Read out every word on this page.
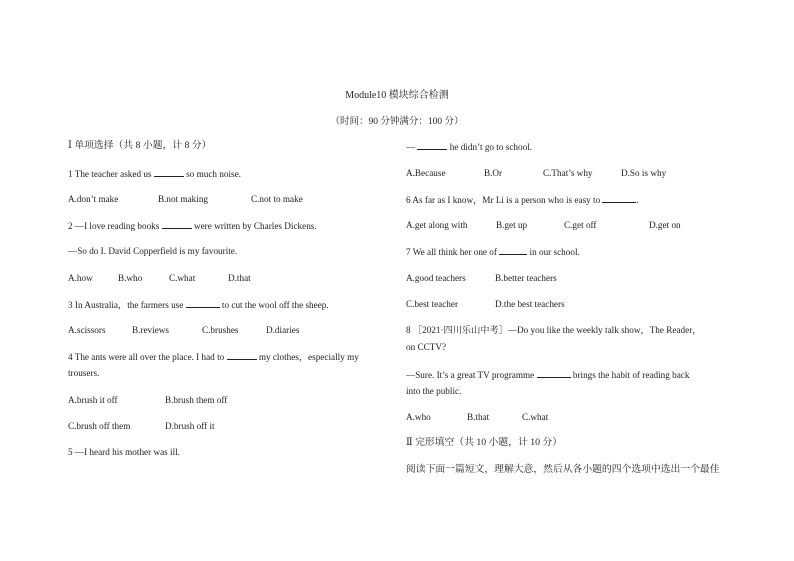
Module10 模块综合检测
（时间：90 分钟满分：100 分）
Ⅰ 单项选择（共 8 小题，计 8 分）
1 The teacher asked us	so much noise.
A.don’t make	B.not making	C.not to make
2 —I love reading books	were written by Charles Dickens.
—So do I. David Copperfield is my favourite.
A.how	B.who	C.what	D.that
3 In Australia，the farmers use	to cut the wool off the sheep.
A.scissors	B.reviews	C.brushes	D.diaries
4 The ants were all over the place. I had to	my clothes，especially my
trousers.
A.brush it off	B.brush them off
C.brush off them	D.brush off it
5 —I heard his mother was ill.
—	he didn’t go to school.
A.Because	B.Or	C.That’s why	D.So is why
6 As far as I know，Mr Li is a person who is easy to	.
A.get along with	B.get up	C.get off	D.get on
7 We all think her one of	in our school.
A.good teachers	B.better teachers
C.best teacher	D.the best teachers
8 ［2021·四川乐山中考］—Do you like the weekly talk show，The Reader，
on CCTV?
—Sure. It’s a great TV programme	brings the habit of reading back
into the public.
A.who	B.that	C.what
Ⅱ 完形填空（共 10 小题，计 10 分）
阅读下面一篇短文，理解大意，然后从各小题的四个选项中选出一个最佳
